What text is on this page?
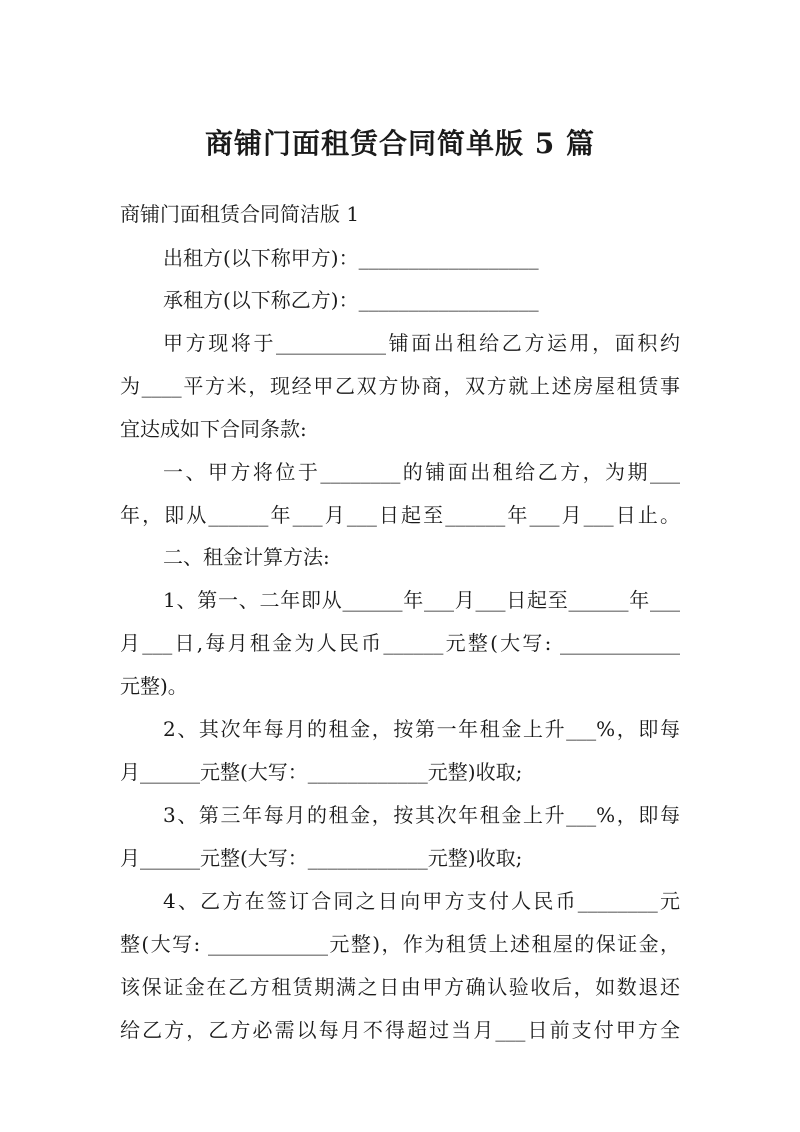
商铺门面租赁合同简单版 5 篇

商铺门面租赁合同简洁版 1

出租方(以下称甲方)：__________________

承租方(以下称乙方)：__________________

甲方现将于___________铺面出租给乙方运用，面积约

为____平方米，现经甲乙双方协商，双方就上述房屋租赁事

宜达成如下合同条款:

一、甲方将位于________的铺面出租给乙方，为期___

年，即从______年___月___日起至______年___月___日止。

二、租金计算方法:

1、第一、二年即从______年___月___日起至______年___

月___日,每月租金为人民币______元整(大写: ____________

元整)。

2、其次年每月的租金，按第一年租金上升___%，即每

月______元整(大写：____________元整)收取;

3、第三年每月的租金，按其次年租金上升___%，即每

月______元整(大写：____________元整)收取;

4、乙方在签订合同之日向甲方支付人民币________元

整(大写: ____________元整)，作为租赁上述租屋的保证金，

该保证金在乙方租赁期满之日由甲方确认验收后，如数退还

给乙方，乙方必需以每月不得超过当月___日前支付甲方全
